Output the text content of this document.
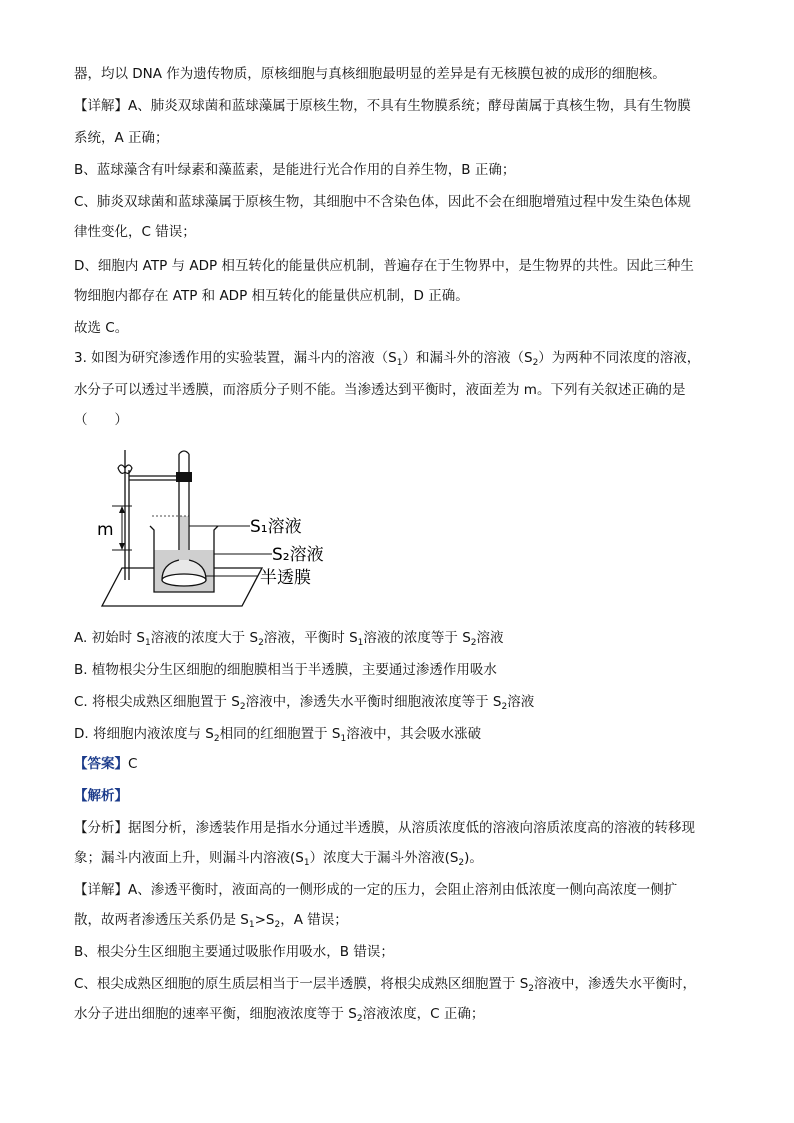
器，均以 DNA 作为遗传物质，原核细胞与真核细胞最明显的差异是有无核膜包被的成形的细胞核。
【详解】A、肺炎双球菌和蓝球藻属于原核生物，不具有生物膜系统；酵母菌属于真核生物，具有生物膜
系统，A 正确；
B、蓝球藻含有叶绿素和藻蓝素，是能进行光合作用的自养生物，B 正确；
C、肺炎双球菌和蓝球藻属于原核生物，其细胞中不含染色体，因此不会在细胞增殖过程中发生染色体规
律性变化，C 错误；
D、细胞内 ATP 与 ADP 相互转化的能量供应机制，普遍存在于生物界中，是生物界的共性。因此三种生
物细胞内都存在 ATP 和 ADP 相互转化的能量供应机制，D 正确。
故选 C。
3. 如图为研究渗透作用的实验装置，漏斗内的溶液$(S_1)$和漏斗外的溶液$(S_2)$为两种不同浓度的溶液，
水分子可以透过半透膜，而溶质分子则不能。当渗透达到平衡时，液面差为 m。下列有关叙述正确的是
（　　）
m	S₁溶液
S₂溶液
半透膜
A. 初始时 $S_1$溶液的浓度大于 $S_2$溶液，平衡时 $S_1$溶液的浓度等于 $S_2$溶液
B. 植物根尖分生区细胞的细胞膜相当于半透膜，主要通过渗透作用吸水
C. 将根尖成熟区细胞置于 $S_2$溶液中，渗透失水平衡时细胞液浓度等于 $S_2$溶液
D. 将细胞内液浓度与 $S_2$相同的红细胞置于 $S_1$溶液中，其会吸水涨破
【答案】C
【解析】
【分析】据图分析，渗透装作用是指水分通过半透膜，从溶质浓度低的溶液向溶质浓度高的溶液的转移现
象；漏斗内液面上升，则漏斗内溶液$(S_1)$浓度大于漏斗外溶液$(S_2)$。
【详解】A、渗透平衡时，液面高的一侧形成的一定的压力，会阻止溶剂由低浓度一侧向高浓度一侧扩
散，故两者渗透压关系仍是 $S_1>S_2$，A 错误；
B、根尖分生区细胞主要通过吸胀作用吸水，B 错误；
C、根尖成熟区细胞的原生质层相当于一层半透膜，将根尖成熟区细胞置于 $S_2$溶液中，渗透失水平衡时，
水分子进出细胞的速率平衡，细胞液浓度等于 $S_2$溶液浓度，C 正确；
